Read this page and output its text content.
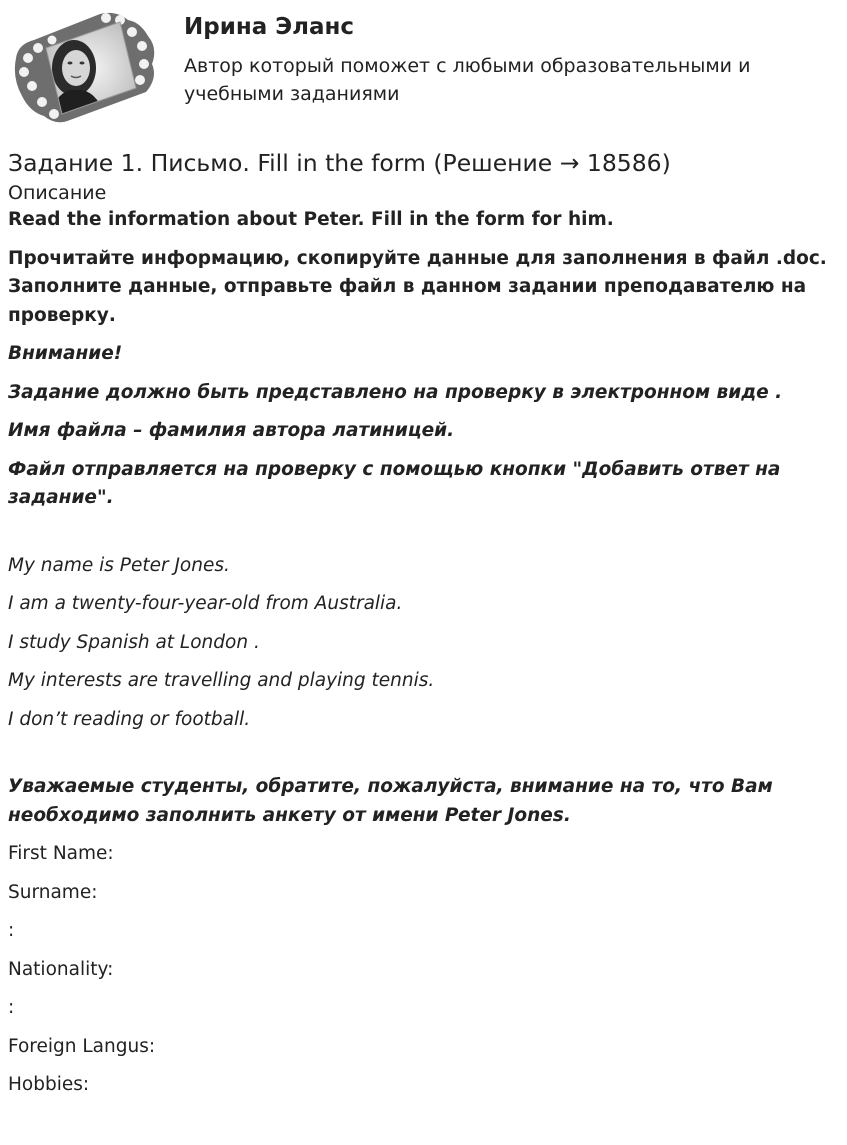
Ирина Эланс
Автор который поможет с любыми образовательными и учебными заданиями
Задание 1. Письмо. Fill in the form (Решение → 18586)
Описание

Read the information about Peter. Fill in the form for him.

Прочитайте информацию, скопируйте данные для заполнения в файл .doc. Заполните данные, отправьте файл в данном задании преподавателю на проверку.

Внимание!

Задание должно быть представлено на проверку в электронном виде .

Имя файла – фамилия автора латиницей.

Файл отправляется на проверку с помощью кнопки "Добавить ответ на задание".

My name is Peter Jones.

I am a twenty-four-year-old from Australia.

I study Spanish at London .

My interests are travelling and playing tennis.

I don’t reading or football.

Уважаемые студенты, обратите, пожалуйста, внимание на то, что Вам необходимо заполнить анкету от имени Peter Jones.

First Name:

Surname:

:

Nationality:

:

Foreign Langus:

Hobbies:
